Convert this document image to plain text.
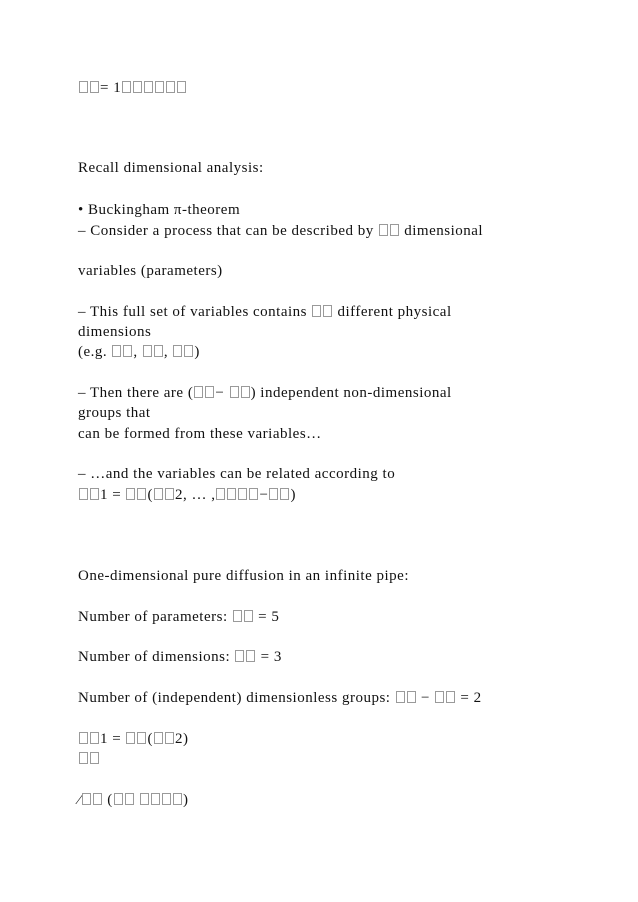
= 1
Recall dimensional analysis:
• Buckingham π-theorem
– Consider a process that can be described by  dimensional
variables (parameters)
– This full set of variables contains  different physical
dimensions
(e.g. , , )
– Then there are ( − ) independent non-dimensional
groups that
can be formed from these variables…
– …and the variables can be related according to
1 = ( 2, … ,	− )
One-dimensional pure diffusion in an infinite pipe:
Number of parameters:  = 5
Number of dimensions:  = 3
Number of (independent) dimensionless groups:  −  = 2
1 = ( 2)
⁄ (	)
